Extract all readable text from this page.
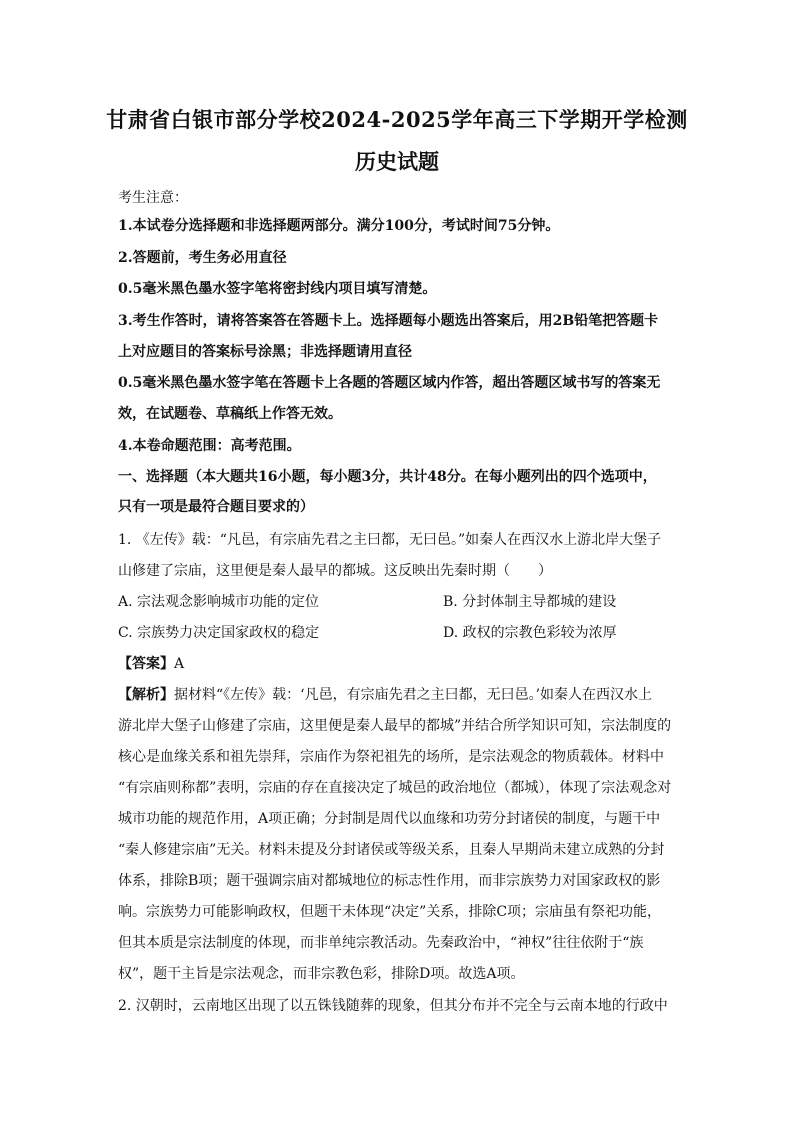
甘肃省白银市部分学校2024-2025学年高三下学期开学检测
历史试题
考生注意：
1.本试卷分选择题和非选择题两部分。满分100分，考试时间75分钟。
2.答题前，考生务必用直径
0.5毫米黑色墨水签字笔将密封线内项目填写清楚。
3.考生作答时，请将答案答在答题卡上。选择题每小题选出答案后，用2B铅笔把答题卡
上对应题目的答案标号涂黑；非选择题请用直径
0.5毫米黑色墨水签字笔在答题卡上各题的答题区域内作答，超出答题区域书写的答案无
效，在试题卷、草稿纸上作答无效。
4.本卷命题范围：高考范围。
一、选择题（本大题共16小题，每小题3分，共计48分。在每小题列出的四个选项中，
只有一项是最符合题目要求的）
1. 《左传》载：“凡邑，有宗庙先君之主曰都，无曰邑。”如秦人在西汉水上游北岸大堡子
山修建了宗庙，这里便是秦人最早的都城。这反映出先秦时期（　　）
A. 宗法观念影响城市功能的定位	B. 分封体制主导都城的建设
C. 宗族势力决定国家政权的稳定	D. 政权的宗教色彩较为浓厚
【答案】A
【解析】据材料“《左传》载：‘凡邑，有宗庙先君之主曰都，无曰邑。’如秦人在西汉水上
游北岸大堡子山修建了宗庙，这里便是秦人最早的都城”并结合所学知识可知，宗法制度的
核心是血缘关系和祖先崇拜，宗庙作为祭祀祖先的场所，是宗法观念的物质载体。材料中
“有宗庙则称都”表明，宗庙的存在直接决定了城邑的政治地位（都城），体现了宗法观念对
城市功能的规范作用，A项正确；分封制是周代以血缘和功劳分封诸侯的制度，与题干中
“秦人修建宗庙”无关。材料未提及分封诸侯或等级关系，且秦人早期尚未建立成熟的分封
体系，排除B项；题干强调宗庙对都城地位的标志性作用，而非宗族势力对国家政权的影
响。宗族势力可能影响政权，但题干未体现“决定”关系，排除C项；宗庙虽有祭祀功能，
但其本质是宗法制度的体现，而非单纯宗教活动。先秦政治中，“神权”往往依附于“族
权”，题干主旨是宗法观念，而非宗教色彩，排除D项。故选A项。
2. 汉朝时，云南地区出现了以五铢钱随葬的现象，但其分布并不完全与云南本地的行政中
